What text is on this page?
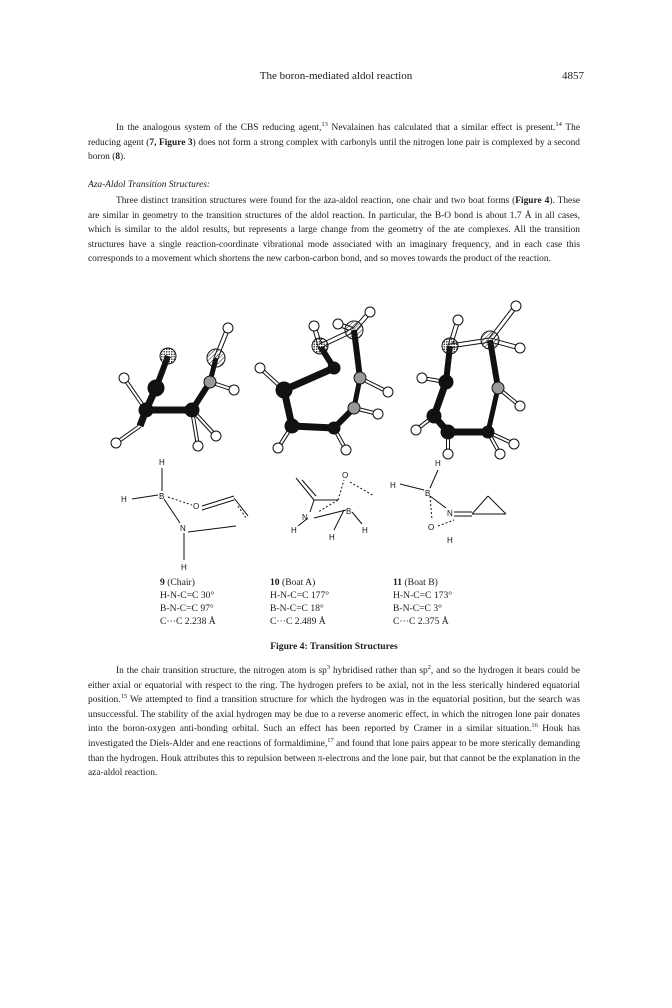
The boron-mediated aldol reaction	4857
In the analogous system of the CBS reducing agent,$^{13}$ Nevalainen has calculated that a similar effect is present.$^{14}$ The reducing agent (7, Figure 3) does not form a strong complex with carbonyls until the nitrogen lone pair is complexed by a second boron (8).
Aza-Aldol Transition Structures:
Three distinct transition structures were found for the aza-aldol reaction, one chair and two boat forms (Figure 4). These are similar in geometry to the transition structures of the aldol reaction. In particular, the B-O bond is about 1.7 Å in all cases, which is similar to the aldol results, but represents a large change from the geometry of the ate complexes. All the transition structures have a single reaction-coordinate vibrational mode associated with an imaginary frequency, and in each case this corresponds to a movement which shortens the new carbon-carbon bond, and so moves towards the product of the reaction.
H
H	B
O
N
H
O
N
B
H
H
H
H
H
B
N
O
H
9 (Chair)
H-N-C=C 30°
B-N-C=C 97°
C···C 2.238 Å
10 (Boat A)
H-N-C=C 177°
B-N-C=C 18°
C···C 2.489 Å
11 (Boat B)
H-N-C=C 173°
B-N-C=C 3°
C···C 2.375 Å
Figure 4: Transition Structures
In the chair transition structure, the nitrogen atom is $sp^3$ hybridised rather than $sp^2$, and so the hydrogen it bears could be either axial or equatorial with respect to the ring. The hydrogen prefers to be axial, not in the less sterically hindered equatorial position.$^{15}$ We attempted to find a transition structure for which the hydrogen was in the equatorial position, but the search was unsuccessful. The stability of the axial hydrogen may be due to a reverse anomeric effect, in which the nitrogen lone pair donates into the boron-oxygen anti-bonding orbital. Such an effect has been reported by Cramer in a similar situation.$^{16}$ Houk has investigated the Diels-Alder and ene reactions of formaldimine,$^{17}$ and found that lone pairs appear to be more sterically demanding than the hydrogen. Houk attributes this to repulsion between π-electrons and the lone pair, but that cannot be the explanation in the aza-aldol reaction.
